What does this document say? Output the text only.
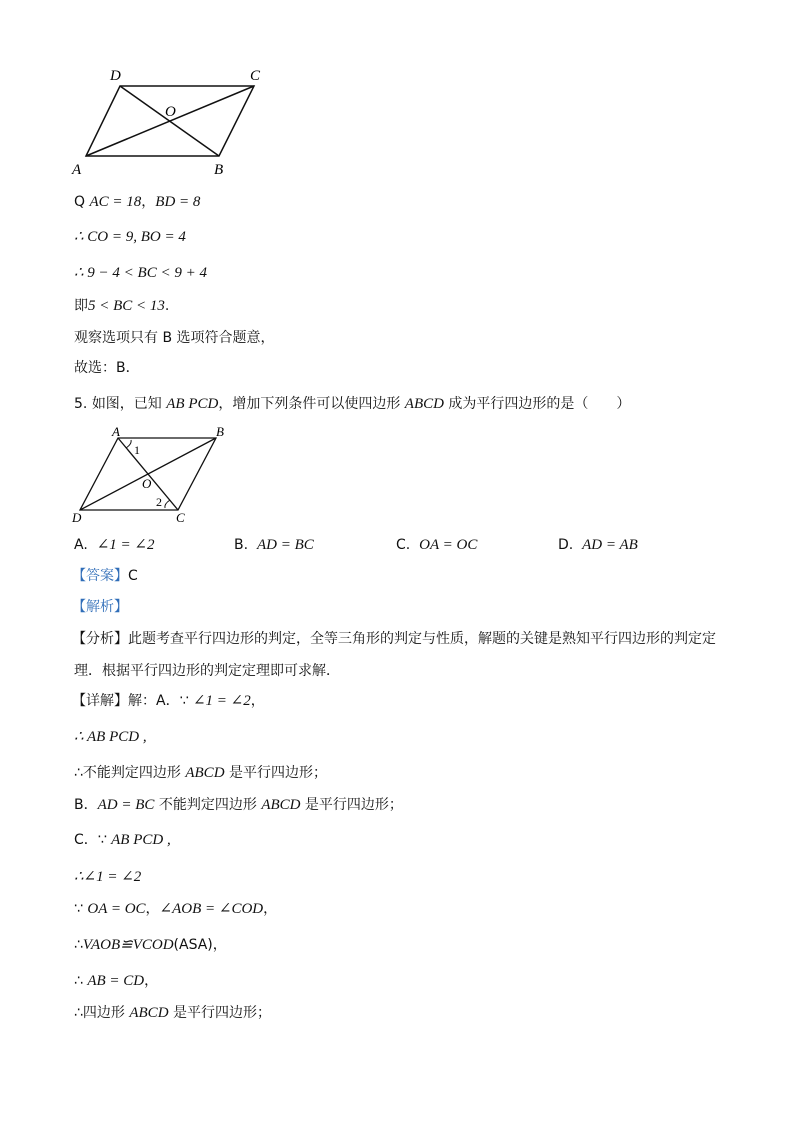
D	C
O
A	B
Q AC = 18，BD = 8
∴ CO = 9, BO = 4
∴ 9 − 4 < BC < 9 + 4
即5 < BC < 13.
观察选项只有 B 选项符合题意，
故选：B．
5. 如图，已知 AB PCD，增加下列条件可以使四边形 ABCD 成为平行四边形的是（　　）
A	B
1
O
2
D	C
A. ∠1 = ∠2	B. AD = BC	C. OA = OC	D. AD = AB
【答案】C
【解析】
【分析】此题考查平行四边形的判定，全等三角形的判定与性质，解题的关键是熟知平行四边形的判定定
理．根据平行四边形的判定定理即可求解．
【详解】解：A．∵ ∠1 = ∠2，
∴ AB PCD ,
∴不能判定四边形 ABCD 是平行四边形；
B．AD = BC 不能判定四边形 ABCD 是平行四边形；
C．∵ AB PCD ,
∴∠1 = ∠2
∵ OA = OC，∠AOB = ∠COD，
∴VAOB≌VCOD(ASA)，
∴ AB = CD，
∴四边形 ABCD 是平行四边形；
